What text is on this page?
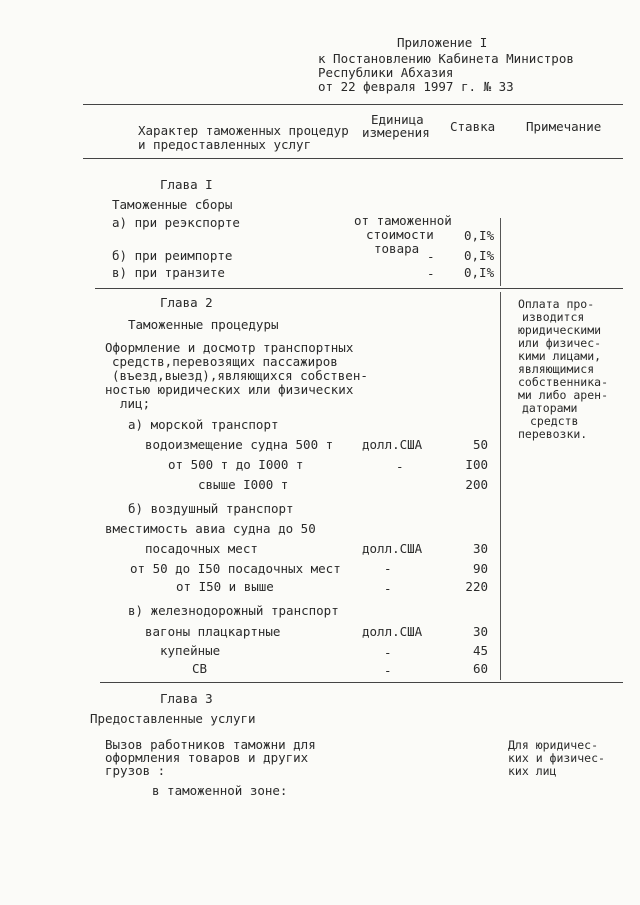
Приложение I
к Постановлению Кабинета Министров
Республики Абхазия
от 22 февраля 1997 г. № 33
Характер таможенных процедур
и предоставленных услуг
Единица
измерения Ставка Примечание
Глава I
Таможенные сборы
а) при реэкспорте
б) при реимпорте
в) при транзите
от таможенной
стоимости
товара
-
-
0,I%
0,I%
0,I%
Глава 2
Таможенные процедуры
Оформление и досмотр транспортных
средств,перевозящих пассажиров
(въезд,выезд),являющихся собствен-
ностью юридических или физических
лиц;
Оплата про-
изводится
юридическими
или физичес-
кими лицами,
являющимися
собственника-
ми либо арен-
даторами
средств
перевозки.
а) морской транспорт
водоизмещение судна 500 т
от 500 т до I000 т
свыше I000 т
долл.США
-
50
I00
200
б) воздушный транспорт
вместимость авиа судна до 50
посадочных мест
от 50 до I50 посадочных мест
от I50 и выше
долл.США
-
-
30
90
220
в) железнодорожный транспорт
вагоны плацкартные
купейные
СВ
долл.США
-
-
30
45
60
Глава 3
Предоставленные услуги
Вызов работников таможни для
оформления товаров и других
грузов :
в таможенной зоне:
Для юридичес-
ких и физичес-
ких лиц
